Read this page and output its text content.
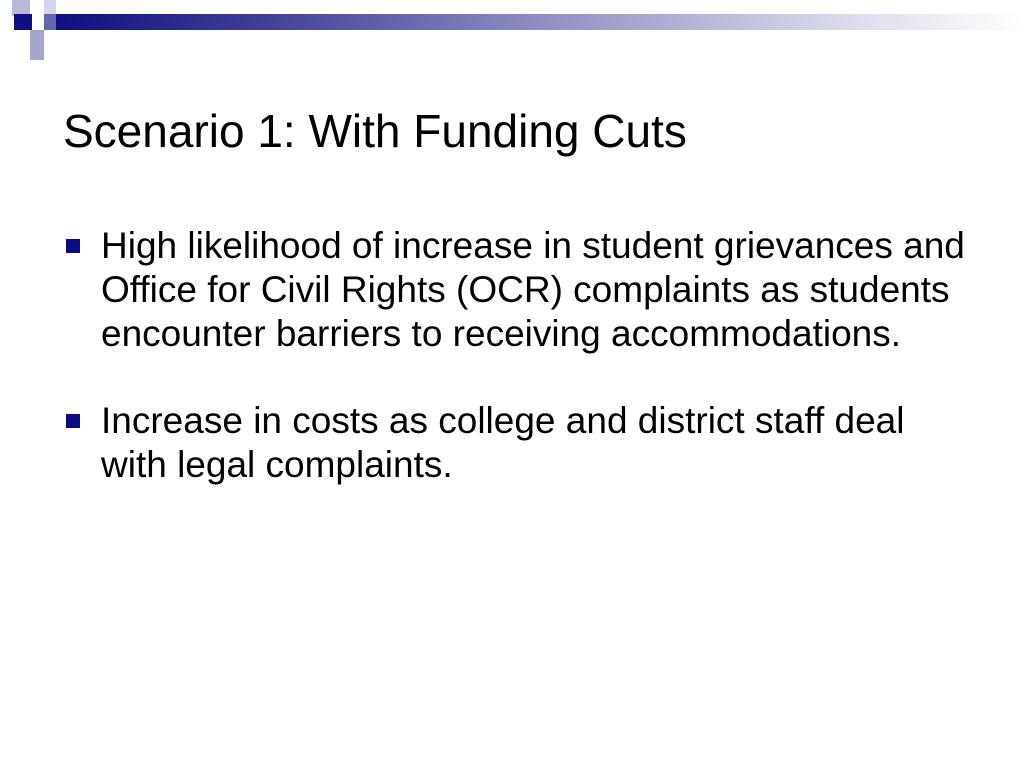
Scenario 1: With Funding Cuts
High likelihood of increase in student grievances and Office for Civil Rights (OCR) complaints as students encounter barriers to receiving accommodations.
Increase in costs as college and district staff deal with legal complaints.
